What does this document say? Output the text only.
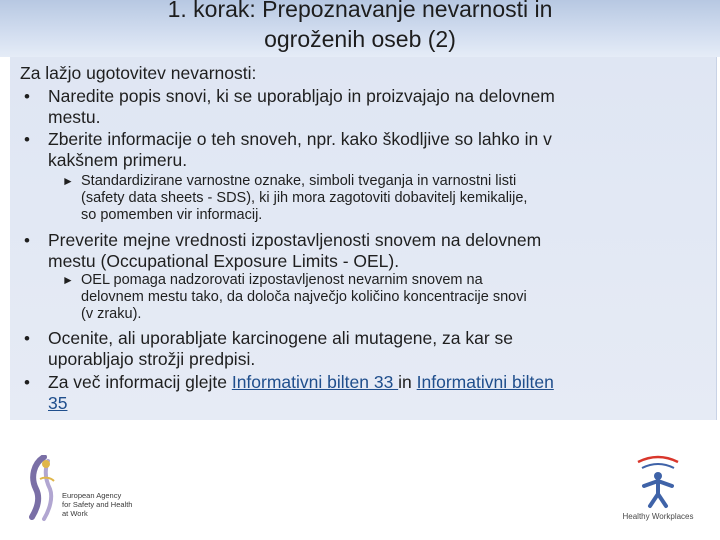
1. korak: Prepoznavanje nevarnosti in
ogroženih oseb (2)
Za lažjo ugotovitev nevarnosti:
• Naredite popis snovi, ki se uporabljajo in proizvajajo na delovnem
mestu.
• Zberite informacije o teh snoveh, npr. kako škodljive so lahko in v
kakšnem primeru.
► Standardizirane varnostne oznake, simboli tveganja in varnostni listi
(safety data sheets - SDS), ki jih mora zagotoviti dobavitelj kemikalije,
so pomemben vir informacij.
• Preverite mejne vrednosti izpostavljenosti snovem na delovnem
mestu (Occupational Exposure Limits - OEL).
► OEL pomaga nadzorovati izpostavljenost nevarnim snovem na
delovnem mestu tako, da določa največjo količino koncentracije snovi
(v zraku).
• Ocenite, ali uporabljate karcinogene ali mutagene, za kar se
uporabljajo strožji predpisi.
• Za več informacij glejte Informativni bilten 33 in Informativni bilten
35
European Agency
for Safety and Health
at Work	Healthy Workplaces
